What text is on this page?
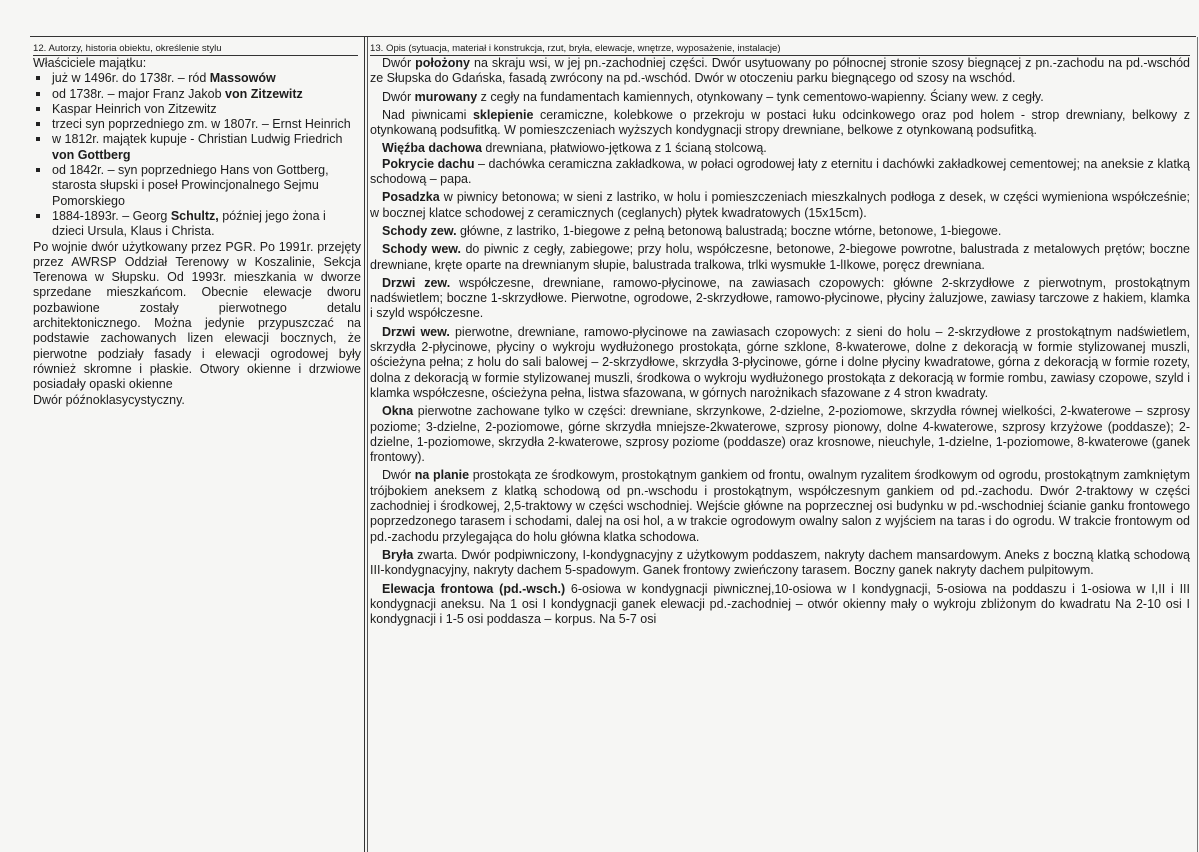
12. Autorzy, historia obiektu, określenie stylu	13. Opis (sytuacja, materiał i konstrukcja, rzut, bryła, elewacje, wnętrze, wyposażenie, instalacje)

Właściciele majątku:

już w 1496r. do 1738r. – ród Massowów
od 1738r. – major Franz Jakob von Zitzewitz
Kaspar Heinrich von Zitzewitz
trzeci syn poprzedniego zm. w 1807r. – Ernst Heinrich
w 1812r. majątek kupuje - Christian Ludwig Friedrich von Gottberg
od 1842r. – syn poprzedniego Hans von Gottberg, starosta słupski i poseł Prowincjonalnego Sejmu Pomorskiego
1884-1893r. – Georg Schultz, później jego żona i dzieci Ursula, Klaus i Christa.

Po wojnie dwór użytkowany przez PGR. Po 1991r. przejęty przez AWRSP Oddział Terenowy w Koszalinie, Sekcja Terenowa w Słupsku. Od 1993r. mieszkania w dworze sprzedane mieszkańcom. Obecnie elewacje dworu pozbawione zostały pierwotnego detalu architektonicznego. Można jedynie przypuszczać na podstawie zachowanych lizen elewacji bocznych, że pierwotne podziały fasady i elewacji ogrodowej były również skromne i płaskie. Otwory okienne i drzwiowe posiadały opaski okienne

Dwór późnoklasycystyczny.

Dwór położony na skraju wsi, w jej pn.-zachodniej części. Dwór usytuowany po północnej stronie szosy biegnącej z pn.-zachodu na pd.-wschód ze Słupska do Gdańska, fasadą zwrócony na pd.-wschód. Dwór w otoczeniu parku biegnącego od szosy na wschód.

Dwór murowany z cegły na fundamentach kamiennych, otynkowany – tynk cementowo-wapienny. Ściany wew. z cegły.

Nad piwnicami sklepienie ceramiczne, kolebkowe o przekroju w postaci łuku odcinkowego oraz pod holem - strop drewniany, belkowy z otynkowaną podsufitką. W pomieszczeniach wyższych kondygnacji stropy drewniane, belkowe z otynkowaną podsufitką.

Więźba dachowa drewniana, płatwiowo-jętkowa z 1 ścianą stolcową.

Pokrycie dachu – dachówka ceramiczna zakładkowa, w połaci ogrodowej łaty z eternitu i dachówki zakładkowej cementowej; na aneksie z klatką schodową – papa.

Posadzka w piwnicy betonowa; w sieni z lastriko, w holu i pomieszczeniach mieszkalnych podłoga z desek, w części wymieniona współcześnie; w bocznej klatce schodowej z ceramicznych (ceglanych) płytek kwadratowych (15x15cm).

Schody zew. główne, z lastriko, 1-biegowe z pełną betonową balustradą; boczne wtórne, betonowe, 1-biegowe.

Schody wew. do piwnic z cegły, zabiegowe; przy holu, współczesne, betonowe, 2-biegowe powrotne, balustrada z metalowych prętów; boczne drewniane, kręte oparte na drewnianym słupie, balustrada tralkowa, trlki wysmukłe 1-lIkowe, poręcz drewniana.

Drzwi zew. współczesne, drewniane, ramowo-płycinowe, na zawiasach czopowych: główne 2-skrzydłowe z pierwotnym, prostokątnym nadświetlem; boczne 1-skrzydłowe. Pierwotne, ogrodowe, 2-skrzydłowe, ramowo-płycinowe, płyciny żaluzjowe, zawiasy tarczowe z hakiem, klamka i szyld współczesne.

Drzwi wew. pierwotne, drewniane, ramowo-płycinowe na zawiasach czopowych: z sieni do holu – 2-skrzydłowe z prostokątnym nadświetlem, skrzydła 2-płycinowe, płyciny o wykroju wydłużonego prostokąta, górne szklone, 8-kwaterowe, dolne z dekoracją w formie stylizowanej muszli, ościeżyna pełna; z holu do sali balowej – 2-skrzydłowe, skrzydła 3-płycinowe, górne i dolne płyciny kwadratowe, górna z dekoracją w formie rozety, dolna z dekoracją w formie stylizowanej muszli, środkowa o wykroju wydłużonego prostokąta z dekoracją w formie rombu, zawiasy czopowe, szyld i klamka współczesne, ościeżyna pełna, listwa sfazowana, w górnych narożnikach sfazowane z 4 stron kwadraty.

Okna pierwotne zachowane tylko w części: drewniane, skrzynkowe, 2-dzielne, 2-poziomowe, skrzydła równej wielkości, 2-kwaterowe – szprosy poziome; 3-dzielne, 2-poziomowe, górne skrzydła mniejsze-2kwaterowe, szprosy pionowy, dolne 4-kwaterowe, szprosy krzyżowe (poddasze); 2-dzielne, 1-poziomowe, skrzydła 2-kwaterowe, szprosy poziome (poddasze) oraz krosnowe, nieuchyle, 1-dzielne, 1-poziomowe, 8-kwaterowe (ganek frontowy).

Dwór na planie prostokąta ze środkowym, prostokątnym gankiem od frontu, owalnym ryzalitem środkowym od ogrodu, prostokątnym zamkniętym trójbokiem aneksem z klatką schodową od pn.-wschodu i prostokątnym, współczesnym gankiem od pd.-zachodu. Dwór 2-traktowy w części zachodniej i środkowej, 2,5-traktowy w części wschodniej. Wejście główne na poprzecznej osi budynku w pd.-wschodniej ścianie ganku frontowego poprzedzonego tarasem i schodami, dalej na osi hol, a w trakcie ogrodowym owalny salon z wyjściem na taras i do ogrodu. W trakcie frontowym od pd.-zachodu przylegająca do holu główna klatka schodowa.

Bryła zwarta. Dwór podpiwniczony, I-kondygnacyjny z użytkowym poddaszem, nakryty dachem mansardowym. Aneks z boczną klatką schodową III-kondygnacyjny, nakryty dachem 5-spadowym. Ganek frontowy zwieńczony tarasem. Boczny ganek nakryty dachem pulpitowym.

Elewacja frontowa (pd.-wsch.) 6-osiowa w kondygnacji piwnicznej,10-osiowa w I kondygnacji, 5-osiowa na poddaszu i 1-osiowa w I,II i III kondygnacji aneksu. Na 1 osi I kondygnacji ganek elewacji pd.-zachodniej – otwór okienny mały o wykroju zbliżonym do kwadratu Na 2-10 osi I kondygnacji i 1-5 osi poddasza – korpus. Na 5-7 osi
